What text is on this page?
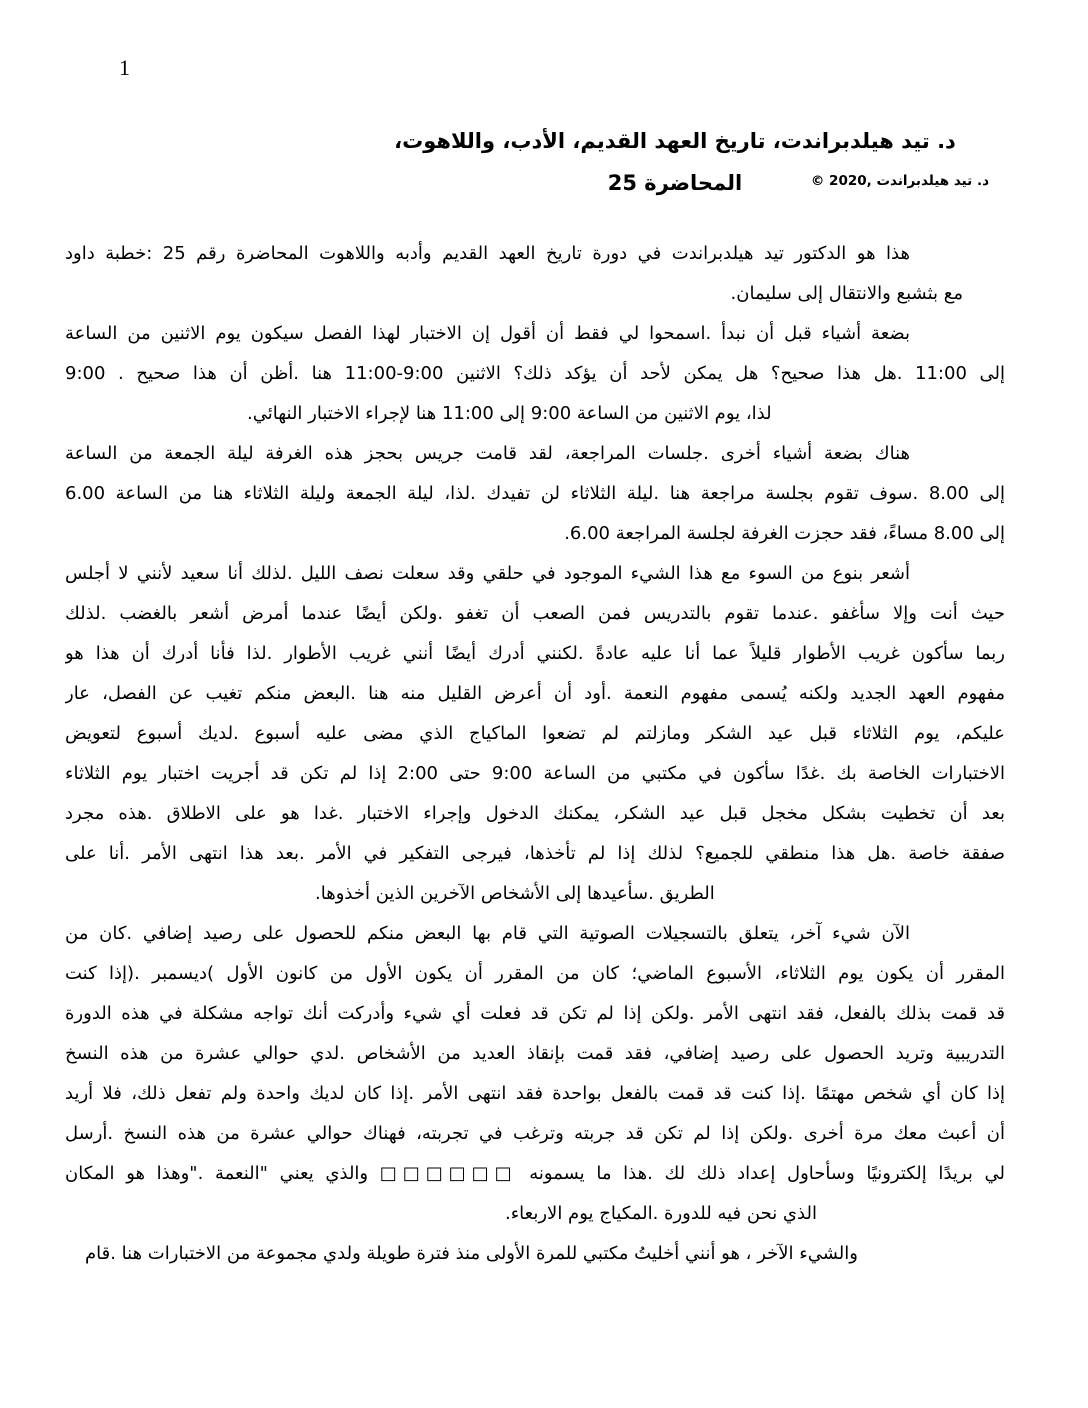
1
د. تيد هيلدبراندت، تاريخ العهد القديم، الأدب، واللاهوت، المحاضرة 25	د. تيد هيلدبراندت ,2020 ©
هذا هو الدكتور تيد هيلدبراندت في دورة تاريخ العهد القديم وأدبه واللاهوت المحاضرة رقم 25 :خطبة داود
مع بثشبع والانتقال إلى سليمان.
بضعة أشياء قبل أن نبدأ .اسمحوا لي فقط أن أقول إن الاختبار لهذا الفصل سيكون يوم الاثنين من الساعة
إلى 11:00 .هل هذا صحيح؟ هل يمكن لأحد أن يؤكد ذلك؟ الاثنين 9:00-11:00 هنا .أظن أن هذا صحيح . 9:00
لذا، يوم الاثنين من الساعة 9:00 إلى 11:00 هنا لإجراء الاختبار النهائي.
هناك بضعة أشياء أخرى .جلسات المراجعة، لقد قامت جريس بحجز هذه الغرفة ليلة الجمعة من الساعة
إلى 8.00 .سوف تقوم بجلسة مراجعة هنا .ليلة الثلاثاء لن تفيدك .لذا، ليلة الجمعة وليلة الثلاثاء هنا من الساعة 6.00
إلى 8.00 مساءً، فقد حجزت الغرفة لجلسة المراجعة 6.00.
أشعر بنوع من السوء مع هذا الشيء الموجود في حلقي وقد سعلت نصف الليل .لذلك أنا سعيد لأنني لا أجلس
حيث أنت وإلا سأغفو .عندما تقوم بالتدريس فمن الصعب أن تغفو .ولكن أيضًا عندما أمرض أشعر بالغضب .لذلك
ربما سأكون غريب الأطوار قليلاً عما أنا عليه عادةً .لكنني أدرك أيضًا أنني غريب الأطوار .لذا فأنا أدرك أن هذا هو
مفهوم العهد الجديد ولكنه يُسمى مفهوم النعمة .أود أن أعرض القليل منه هنا .البعض منكم تغيب عن الفصل، عار
عليكم، يوم الثلاثاء قبل عيد الشكر ومازلتم لم تضعوا الماكياج الذي مضى عليه أسبوع .لديك أسبوع لتعويض
الاختبارات الخاصة بك .غدًا سأكون في مكتبي من الساعة 9:00 حتى 2:00 إذا لم تكن قد أجريت اختبار يوم الثلاثاء
بعد أن تخطيت بشكل مخجل قبل عيد الشكر، يمكنك الدخول وإجراء الاختبار .غدا هو على الاطلاق .هذه مجرد
صفقة خاصة .هل هذا منطقي للجميع؟ لذلك إذا لم تأخذها، فيرجى التفكير في الأمر .بعد هذا انتهى الأمر .أنا على
الطريق .سأعيدها إلى الأشخاص الآخرين الذين أخذوها.
الآن شيء آخر، يتعلق بالتسجيلات الصوتية التي قام بها البعض منكم للحصول على رصيد إضافي .كان من
المقرر أن يكون يوم الثلاثاء، الأسبوع الماضي؛ كان من المقرر أن يكون الأول من كانون الأول )ديسمبر .(إذا كنت
قد قمت بذلك بالفعل، فقد انتهى الأمر .ولكن إذا لم تكن قد فعلت أي شيء وأدركت أنك تواجه مشكلة في هذه الدورة
التدريبية وتريد الحصول على رصيد إضافي، فقد قمت بإنقاذ العديد من الأشخاص .لدي حوالي عشرة من هذه النسخ
إذا كان أي شخص مهتمًا .إذا كنت قد قمت بالفعل بواحدة فقد انتهى الأمر .إذا كان لديك واحدة ولم تفعل ذلك، فلا أريد
أن أعبث معك مرة أخرى .ولكن إذا لم تكن قد جربته وترغب في تجربته، فهناك حوالي عشرة من هذه النسخ .أرسل
لي بريدًا إلكترونيًا وسأحاول إعداد ذلك لك .هذا ما يسمونه □□□□□□ والذي يعني "النعمة ."وهذا هو المكان
الذي نحن فيه للدورة .المكياج يوم الاربعاء.
والشيء الآخر ، هو أنني أخليتُ مكتبي للمرة الأولى منذ فترة طويلة ولدي مجموعة من الاختبارات هنا .قام
